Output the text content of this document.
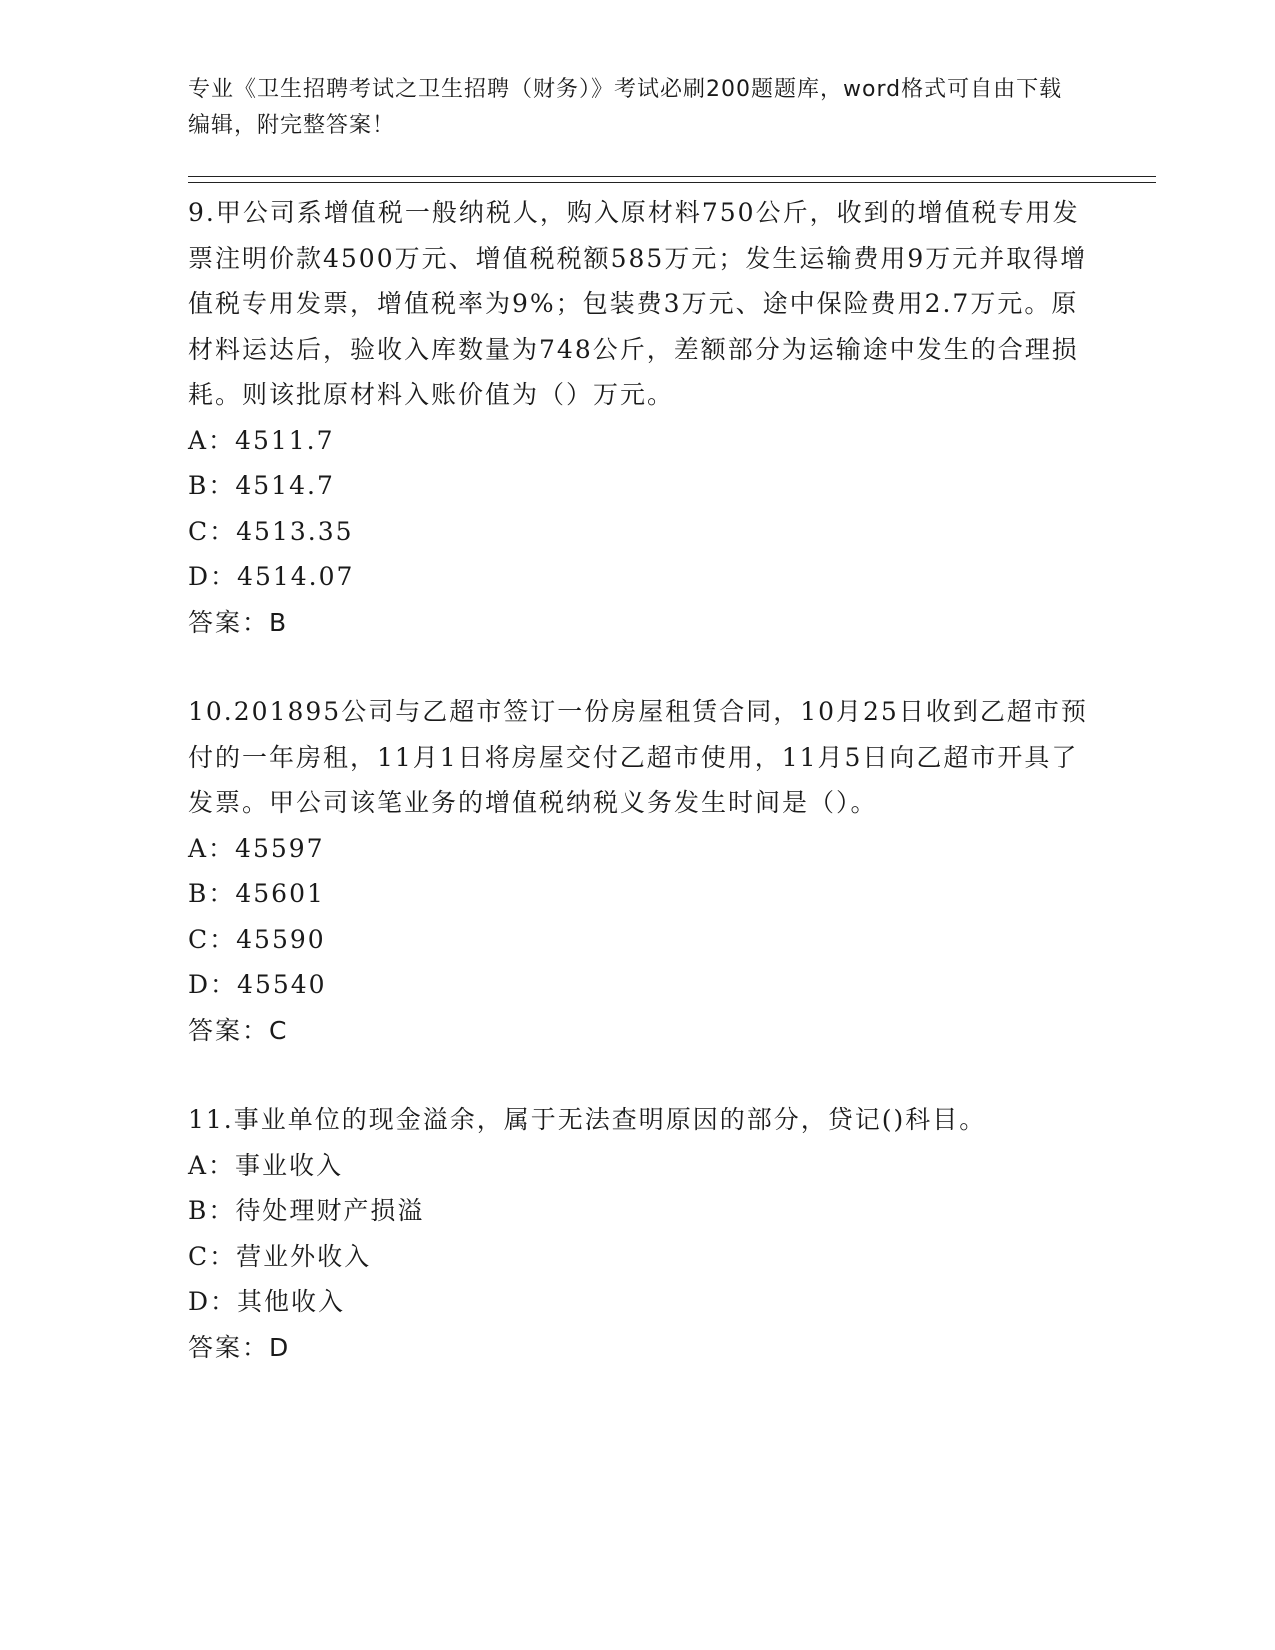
专业《卫生招聘考试之卫生招聘（财务）》考试必刷200题题库，word格式可自由下载编辑，附完整答案！

9.甲公司系增值税一般纳税人，购入原材料750公斤，收到的增值税专用发票注明价款4500万元、增值税税额585万元；发生运输费用9万元并取得增值税专用发票，增值税率为9%；包装费3万元、途中保险费用2.7万元。原材料运达后，验收入库数量为748公斤，差额部分为运输途中发生的合理损耗。则该批原材料入账价值为（）万元。

A：4511.7

B：4514.7

C：4513.35

D：4514.07

答案：B

10.201895公司与乙超市签订一份房屋租赁合同，10月25日收到乙超市预付的一年房租，11月1日将房屋交付乙超市使用，11月5日向乙超市开具了发票。甲公司该笔业务的增值税纳税义务发生时间是（）。

A：45597

B：45601

C：45590

D：45540

答案：C

11.事业单位的现金溢余，属于无法查明原因的部分，贷记()科目。

A：事业收入

B：待处理财产损溢

C：营业外收入

D：其他收入

答案：D
